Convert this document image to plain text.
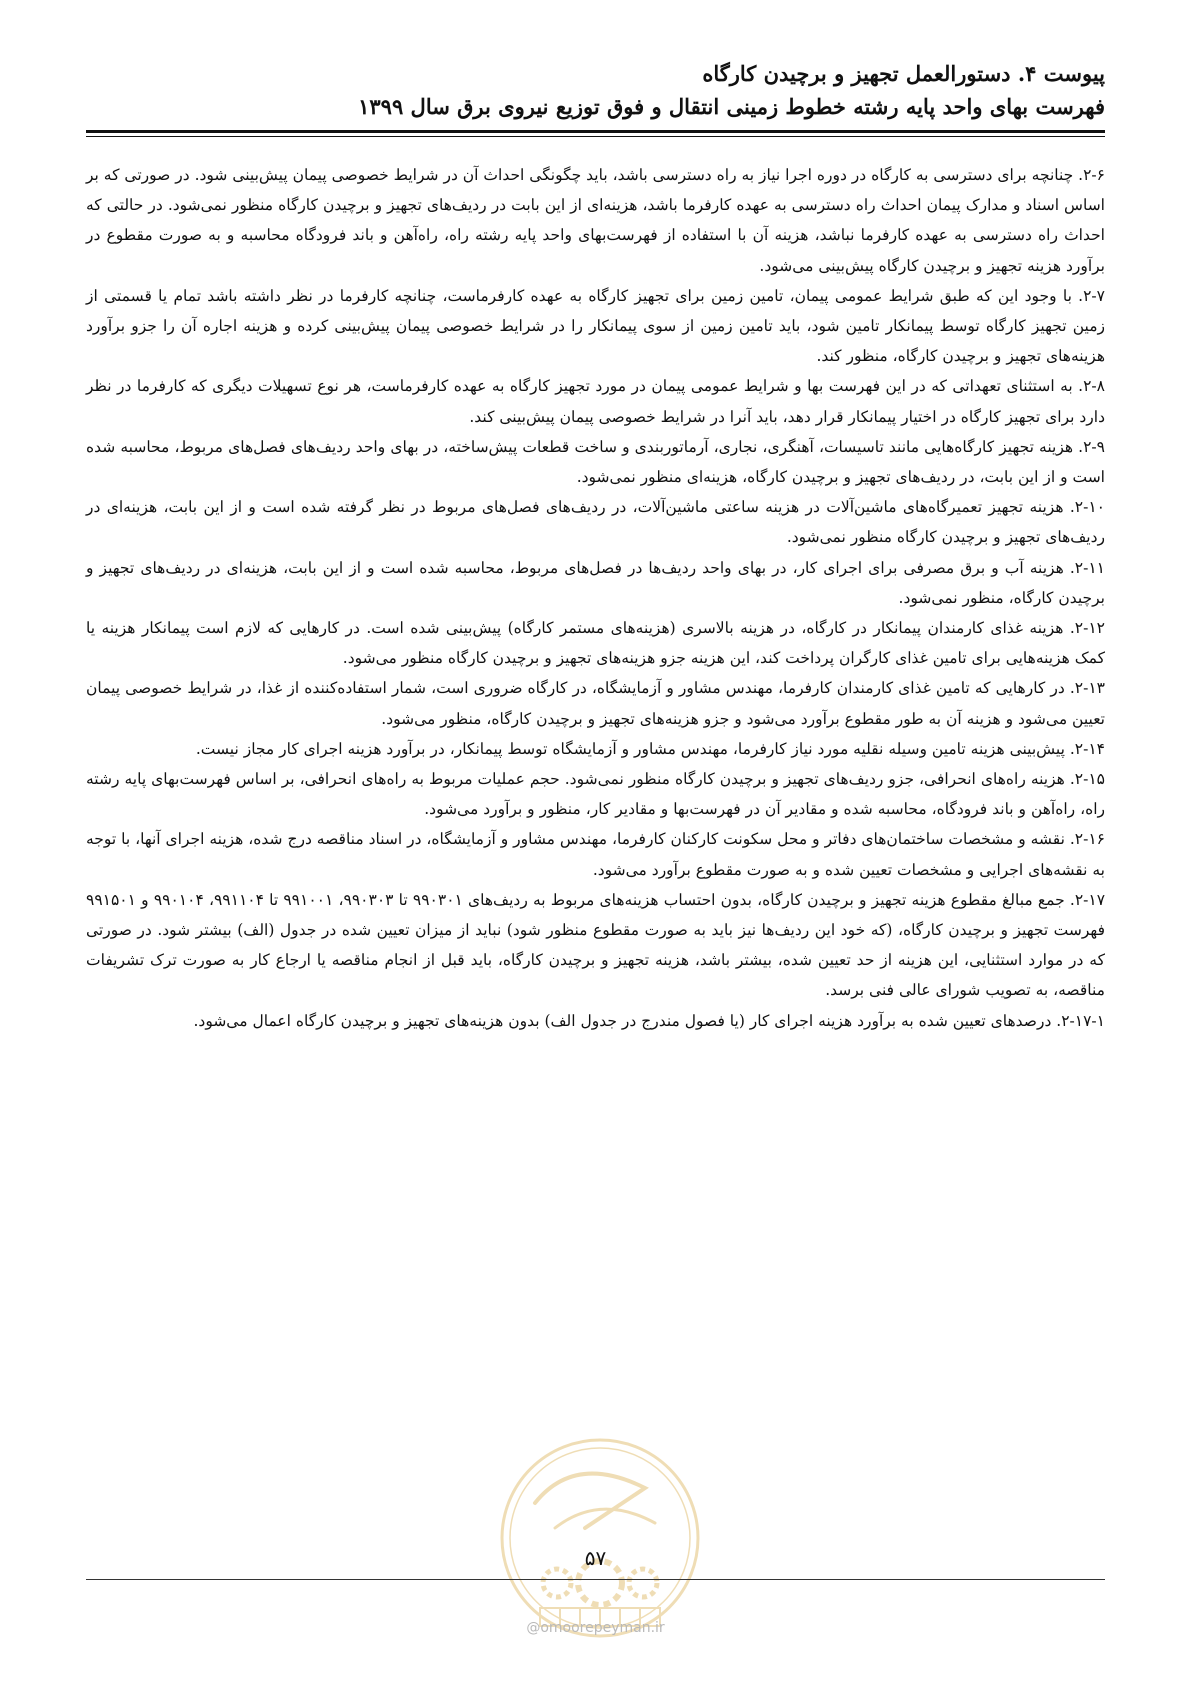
پیوست ۴. دستورالعمل تجهیز و برچیدن کارگاه
فهرست بهای واحد پایه رشته خطوط زمینی انتقال و فوق توزیع نیروی برق سال ۱۳۹۹

۲-۶. چنانچه برای دسترسی به کارگاه در دوره اجرا نیاز به راه دسترسی باشد، باید چگونگی احداث آن در شرایط خصوصی پیمان پیش‌بینی شود. در صورتی که بر اساس اسناد و مدارک پیمان احداث راه دسترسی به عهده کارفرما باشد، هزینه‌ای از این بابت در ردیف‌های تجهیز و برچیدن کارگاه منظور نمی‌شود. در حالتی که احداث راه دسترسی به عهده کارفرما نباشد، هزینه آن با استفاده از فهرست‌بهای واحد پایه رشته راه، راه‌آهن و باند فرودگاه محاسبه و به صورت مقطوع در برآورد هزینه تجهیز و برچیدن کارگاه پیش‌بینی می‌شود.

۲-۷. با وجود این که طبق شرایط عمومی پیمان، تامین زمین برای تجهیز کارگاه به عهده کارفرماست، چنانچه کارفرما در نظر داشته باشد تمام یا قسمتی از زمین تجهیز کارگاه توسط پیمانکار تامین شود، باید تامین زمین از سوی پیمانکار را در شرایط خصوصی پیمان پیش‌بینی کرده و هزینه اجاره آن را جزو برآورد هزینه‌های تجهیز و برچیدن کارگاه، منظور کند.

۲-۸. به استثنای تعهداتی که در این فهرست بها و شرایط عمومی پیمان در مورد تجهیز کارگاه به عهده کارفرماست، هر نوع تسهیلات دیگری که کارفرما در نظر دارد برای تجهیز کارگاه در اختیار پیمانکار قرار دهد، باید آنرا در شرایط خصوصی پیمان پیش‌بینی کند.

۲-۹. هزینه تجهیز کارگاه‌هایی مانند تاسیسات، آهنگری، نجاری، آرماتوربندی و ساخت قطعات پیش‌ساخته، در بهای واحد ردیف‌های فصل‌های مربوط، محاسبه شده است و از این بابت، در ردیف‌های تجهیز و برچیدن کارگاه، هزینه‌ای منظور نمی‌شود.

۲-۱۰. هزینه تجهیز تعمیرگاه‌های ماشین‌آلات در هزینه ساعتی ماشین‌آلات، در ردیف‌های فصل‌های مربوط در نظر گرفته شده است و از این بابت، هزینه‌ای در ردیف‌های تجهیز و برچیدن کارگاه منظور نمی‌شود.

۲-۱۱. هزینه آب و برق مصرفی برای اجرای کار، در بهای واحد ردیف‌ها در فصل‌های مربوط، محاسبه شده است و از این بابت، هزینه‌ای در ردیف‌های تجهیز و برچیدن کارگاه، منظور نمی‌شود.

۲-۱۲. هزینه غذای کارمندان پیمانکار در کارگاه، در هزینه بالاسری (هزینه‌های مستمر کارگاه) پیش‌بینی شده است. در کارهایی که لازم است پیمانکار هزینه یا کمک هزینه‌هایی برای تامین غذای کارگران پرداخت کند، این هزینه جزو هزینه‌های تجهیز و برچیدن کارگاه منظور می‌شود.

۲-۱۳. در کارهایی که تامین غذای کارمندان کارفرما، مهندس مشاور و آزمایشگاه، در کارگاه ضروری است، شمار استفاده‌کننده از غذا، در شرایط خصوصی پیمان تعیین می‌شود و هزینه آن به طور مقطوع برآورد می‌شود و جزو هزینه‌های تجهیز و برچیدن کارگاه، منظور می‌شود.

۲-۱۴. پیش‌بینی هزینه تامین وسیله نقلیه مورد نیاز کارفرما، مهندس مشاور و آزمایشگاه توسط پیمانکار، در برآورد هزینه اجرای کار مجاز نیست.

۲-۱۵. هزینه راه‌های انحرافی، جزو ردیف‌های تجهیز و برچیدن کارگاه منظور نمی‌شود. حجم عملیات مربوط به راه‌های انحرافی، بر اساس فهرست‌بهای پایه رشته راه، راه‌آهن و باند فرودگاه، محاسبه شده و مقادیر آن در فهرست‌بها و مقادیر کار، منظور و برآورد می‌شود.

۲-۱۶. نقشه و مشخصات ساختمان‌های دفاتر و محل سکونت کارکنان کارفرما، مهندس مشاور و آزمایشگاه، در اسناد مناقصه درج شده، هزینه اجرای آنها، با توجه به نقشه‌های اجرایی و مشخصات تعیین شده و به صورت مقطوع برآورد می‌شود.

۲-۱۷. جمع مبالغ مقطوع هزینه تجهیز و برچیدن کارگاه، بدون احتساب هزینه‌های مربوط به ردیف‌های ۹۹۰۳۰۱ تا ۹۹۰۳۰۳، ۹۹۱۰۰۱ تا ۹۹۱۱۰۴، ۹۹۰۱۰۴ و ۹۹۱۵۰۱ فهرست تجهیز و برچیدن کارگاه، (که خود این ردیف‌ها نیز باید به صورت مقطوع منظور شود) نباید از میزان تعیین شده در جدول (الف) بیشتر شود. در صورتی که در موارد استثنایی، این هزینه از حد تعیین شده، بیشتر باشد، هزینه تجهیز و برچیدن کارگاه، باید قبل از انجام مناقصه یا ارجاع کار به صورت ترک تشریفات مناقصه، به تصویب شورای عالی فنی برسد.

۲-۱۷-۱. درصدهای تعیین شده به برآورد هزینه اجرای کار (یا فصول مندرج در جدول الف) بدون هزینه‌های تجهیز و برچیدن کارگاه اعمال می‌شود.

۵۷
@omoorepeyman.ir
